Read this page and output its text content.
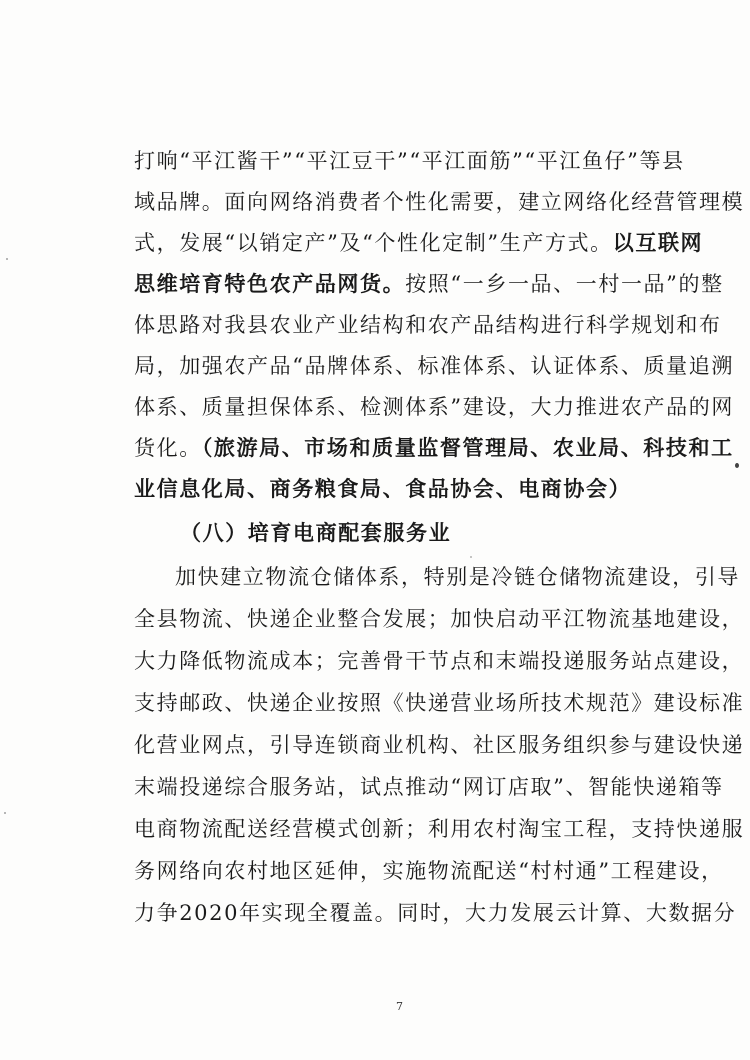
打响“平江酱干”“平江豆干”“平江面筋”“平江鱼仔”等县
域品牌。面向网络消费者个性化需要，建立网络化经营管理模
式，发展“以销定产”及“个性化定制”生产方式。以互联网
思维培育特色农产品网货。按照“一乡一品、一村一品”的整
体思路对我县农业产业结构和农产品结构进行科学规划和布
局，加强农产品“品牌体系、标准体系、认证体系、质量追溯
体系、质量担保体系、检测体系”建设，大力推进农产品的网
货化。（旅游局、市场和质量监督管理局、农业局、科技和工
业信息化局、商务粮食局、食品协会、电商协会）
（八）培育电商配套服务业
加快建立物流仓储体系，特别是冷链仓储物流建设，引导
全县物流、快递企业整合发展；加快启动平江物流基地建设，
大力降低物流成本；完善骨干节点和末端投递服务站点建设，
支持邮政、快递企业按照《快递营业场所技术规范》建设标准
化营业网点，引导连锁商业机构、社区服务组织参与建设快递
末端投递综合服务站，试点推动“网订店取”、智能快递箱等
电商物流配送经营模式创新；利用农村淘宝工程，支持快递服
务网络向农村地区延伸，实施物流配送“村村通”工程建设，
力争2020年实现全覆盖。同时，大力发展云计算、大数据分
7
